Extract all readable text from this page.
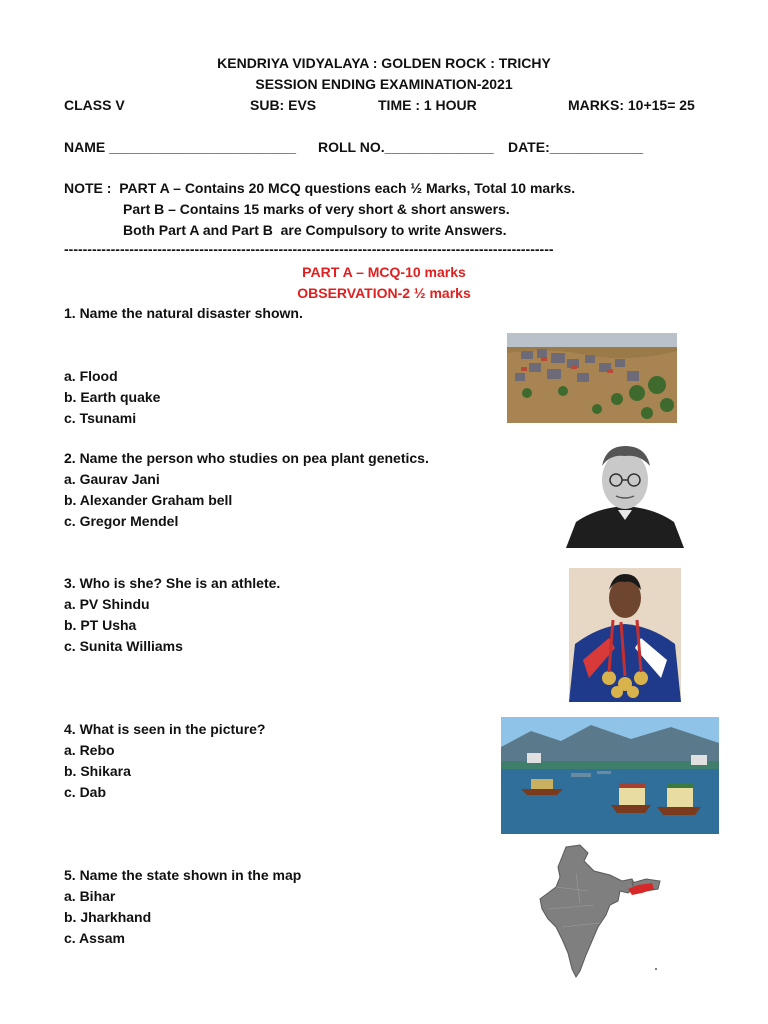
KENDRIYA VIDYALAYA : GOLDEN ROCK : TRICHY
SESSION ENDING EXAMINATION-2021
CLASS V	SUB: EVS	TIME : 1 HOUR	MARKS: 10+15= 25
NAME ________________________ ROLL NO.______________ DATE:____________
NOTE :  PART A – Contains 20 MCQ questions each ½ Marks, Total 10 marks.
Part B – Contains 15 marks of very short & short answers.
Both Part A and Part B  are Compulsory to write Answers.
---------------------------------------------------------------------------------------------------------
PART A – MCQ-10 marks
OBSERVATION-2 ½ marks
1. Name the natural disaster shown.
a. Flood
b. Earth quake
c. Tsunami
2. Name the person who studies on pea plant genetics.
a. Gaurav Jani
b. Alexander Graham bell
c. Gregor Mendel
3. Who is she? She is an athlete.
a. PV Shindu
b. PT Usha
c. Sunita Williams
4. What is seen in the picture?
a. Rebo
b. Shikara
c. Dab
5. Name the state shown in the map
a. Bihar
b. Jharkhand
c. Assam
